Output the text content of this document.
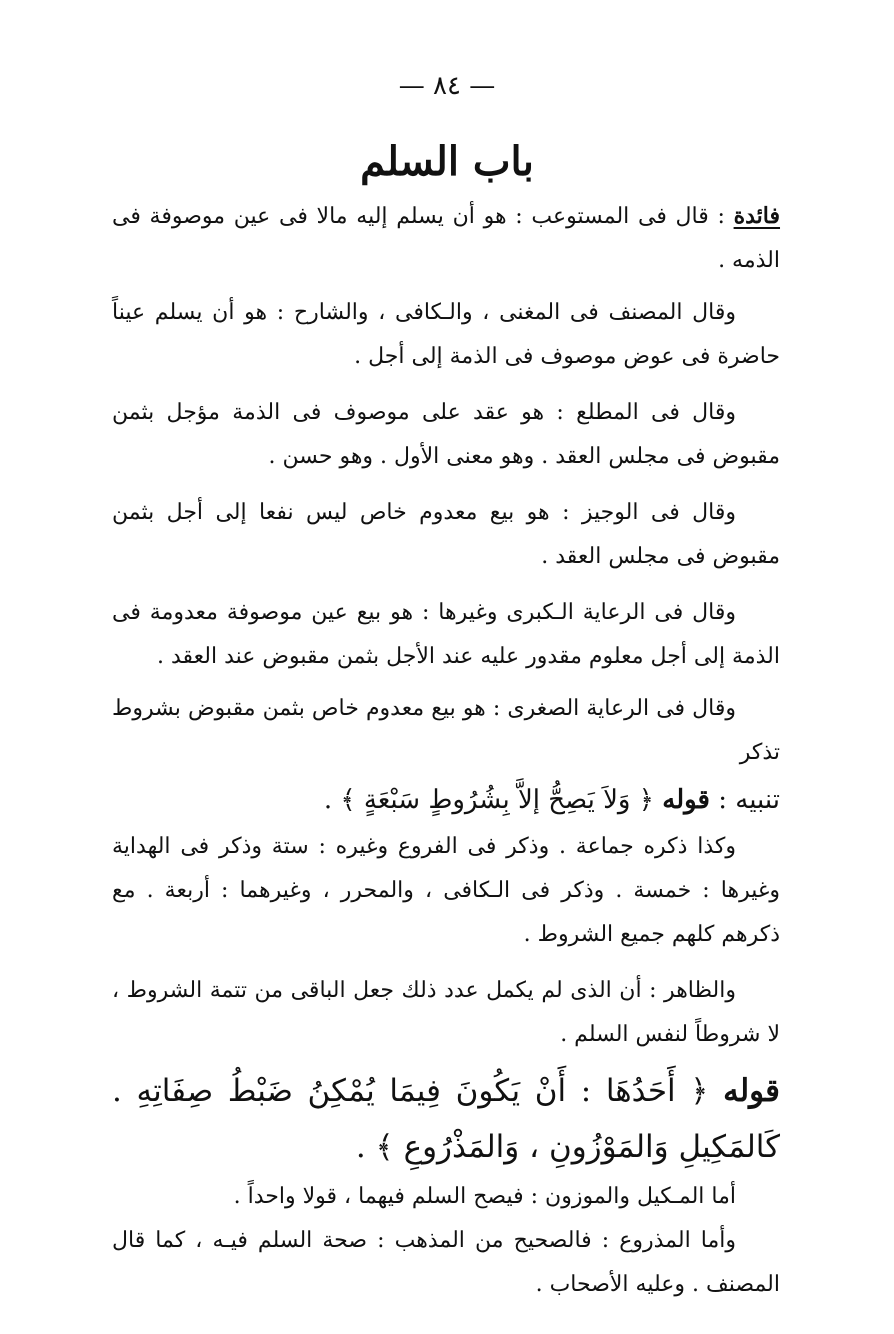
— ٨٤ —
باب السلم

فائدة : قال فى المستوعب : هو أن يسلم إليه مالا فى عين موصوفة فى الذمه .

وقال المصنف فى المغنى ، والـكافى ، والشارح : هو أن يسلم عيناً حاضرة فى عوض موصوف فى الذمة إلى أجل .

وقال فى المطلع : هو عقد على موصوف فى الذمة مؤجل بثمن مقبوض فى مجلس العقد . وهو معنى الأول . وهو حسن .

وقال فى الوجيز : هو بيع معدوم خاص ليس نفعا إلى أجل بثمن مقبوض فى مجلس العقد .

وقال فى الرعاية الـكبرى وغيرها : هو بيع عين موصوفة معدومة فى الذمة إلى أجل معلوم مقدور عليه عند الأجل بثمن مقبوض عند العقد .

وقال فى الرعاية الصغرى : هو بيع معدوم خاص بثمن مقبوض بشروط تذكر

تنبيه : قوله ﴿ وَلاَ يَصِحُّ إلاَّ بِشُرُوطٍ سَبْعَةٍ ﴾ .

وكذا ذكره جماعة . وذكر فى الفروع وغيره : ستة وذكر فى الهداية وغيرها : خمسة . وذكر فى الـكافى ، والمحرر ، وغيرهما : أربعة . مع ذكرهم كلهم جميع الشروط .

والظاهر : أن الذى لم يكمل عدد ذلك جعل الباقى من تتمة الشروط ، لا شروطاً لنفس السلم .

قوله ﴿ أَحَدُهَا : أَنْ يَكُونَ فِيمَا يُمْكِنُ ضَبْطُ صِفَاتِهِ . كَالمَكِيلِ وَالمَوْزُونِ ، وَالمَذْرُوعِ ﴾ .

أما المـكيل والموزون : فيصح السلم فيهما ، قولا واحداً .

وأما المذروع : فالصحيح من المذهب : صحة السلم فيـه ، كما قال المصنف . وعليه الأصحاب .
